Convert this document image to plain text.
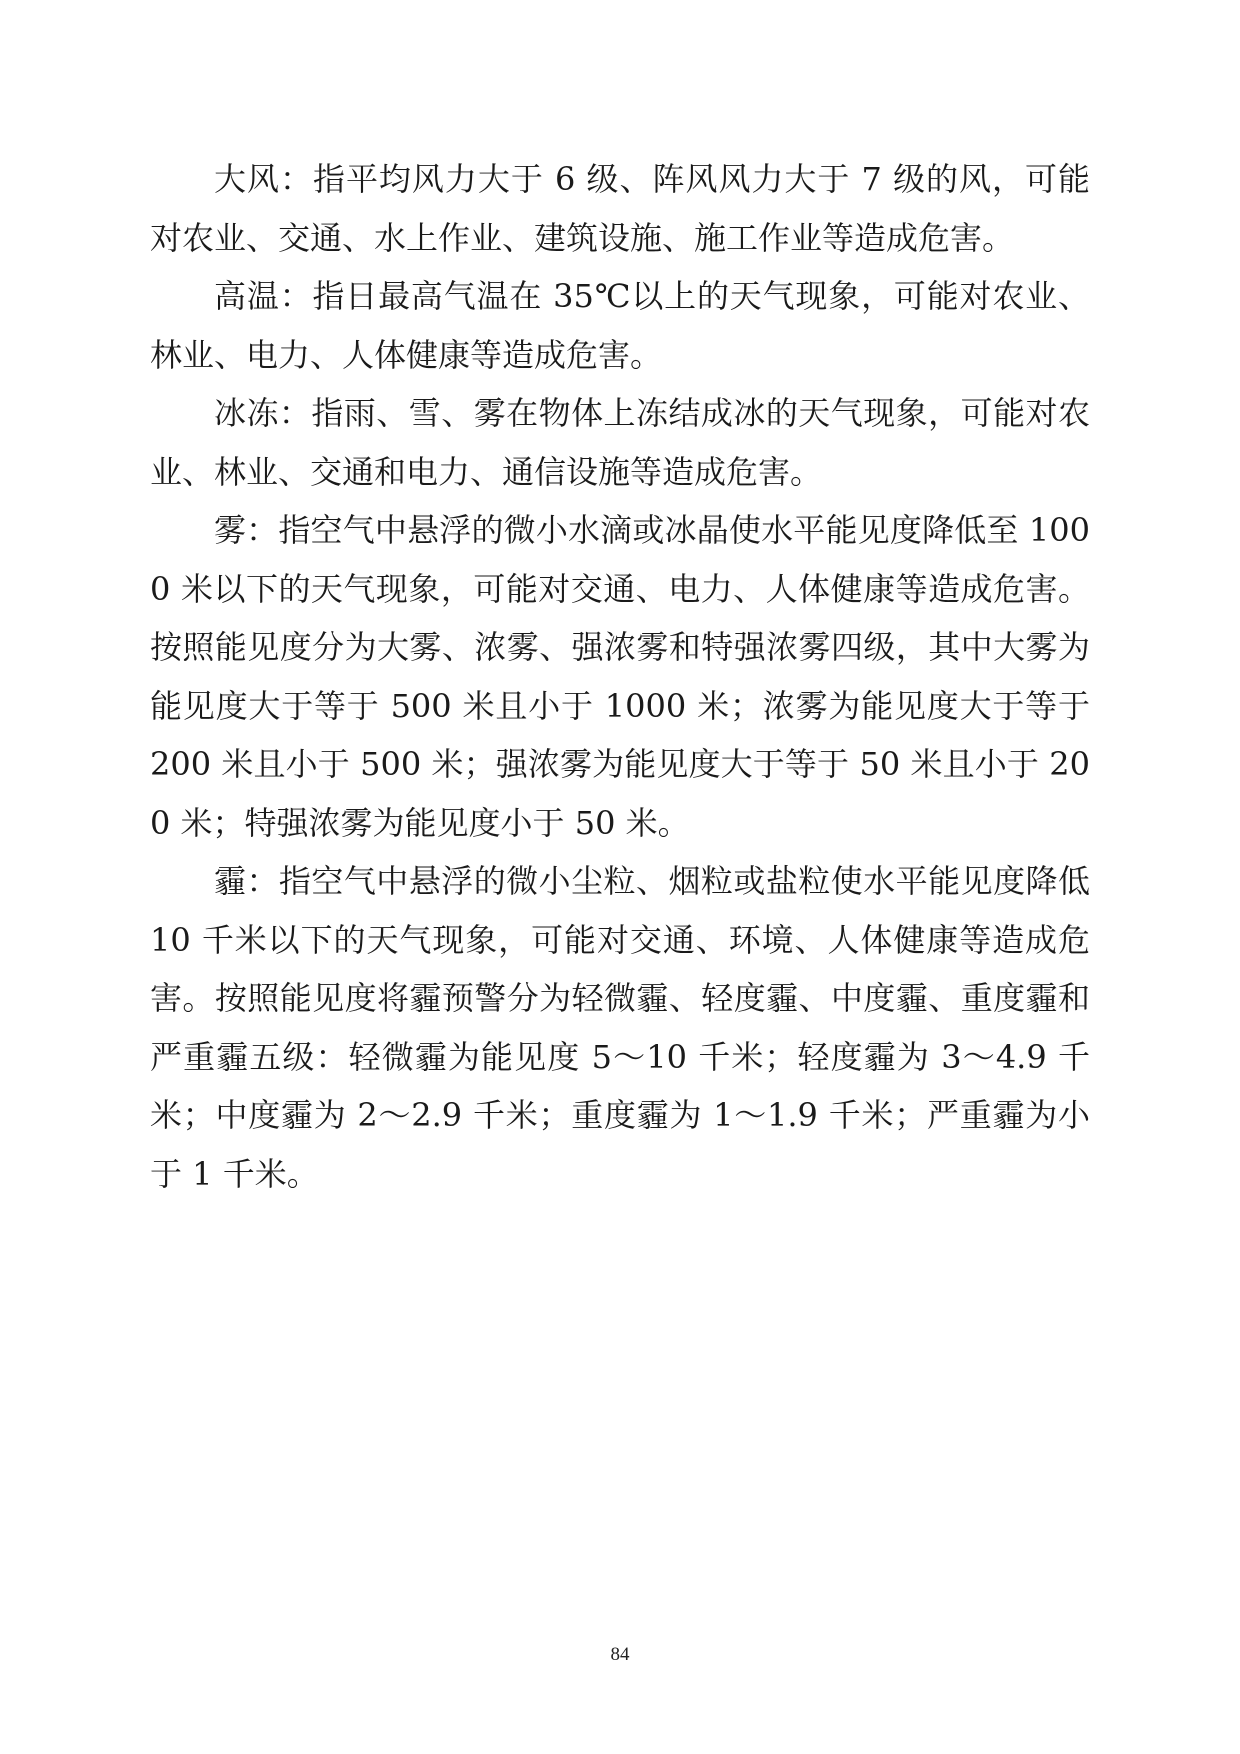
大风：指平均风力大于 6 级、阵风风力大于 7 级的风，可能对农业、交通、水上作业、建筑设施、施工作业等造成危害。

高温：指日最高气温在 35℃以上的天气现象，可能对农业、林业、电力、人体健康等造成危害。

冰冻：指雨、雪、雾在物体上冻结成冰的天气现象，可能对农业、林业、交通和电力、通信设施等造成危害。

雾：指空气中悬浮的微小水滴或冰晶使水平能见度降低至 1000 米以下的天气现象，可能对交通、电力、人体健康等造成危害。按照能见度分为大雾、浓雾、强浓雾和特强浓雾四级，其中大雾为能见度大于等于 500 米且小于 1000 米；浓雾为能见度大于等于 200 米且小于 500 米；强浓雾为能见度大于等于 50 米且小于 200 米；特强浓雾为能见度小于 50 米。

霾：指空气中悬浮的微小尘粒、烟粒或盐粒使水平能见度降低 10 千米以下的天气现象，可能对交通、环境、人体健康等造成危害。按照能见度将霾预警分为轻微霾、轻度霾、中度霾、重度霾和严重霾五级：轻微霾为能见度 5～10 千米；轻度霾为 3～4.9 千米；中度霾为 2～2.9 千米；重度霾为 1～1.9 千米；严重霾为小于 1 千米。

84
